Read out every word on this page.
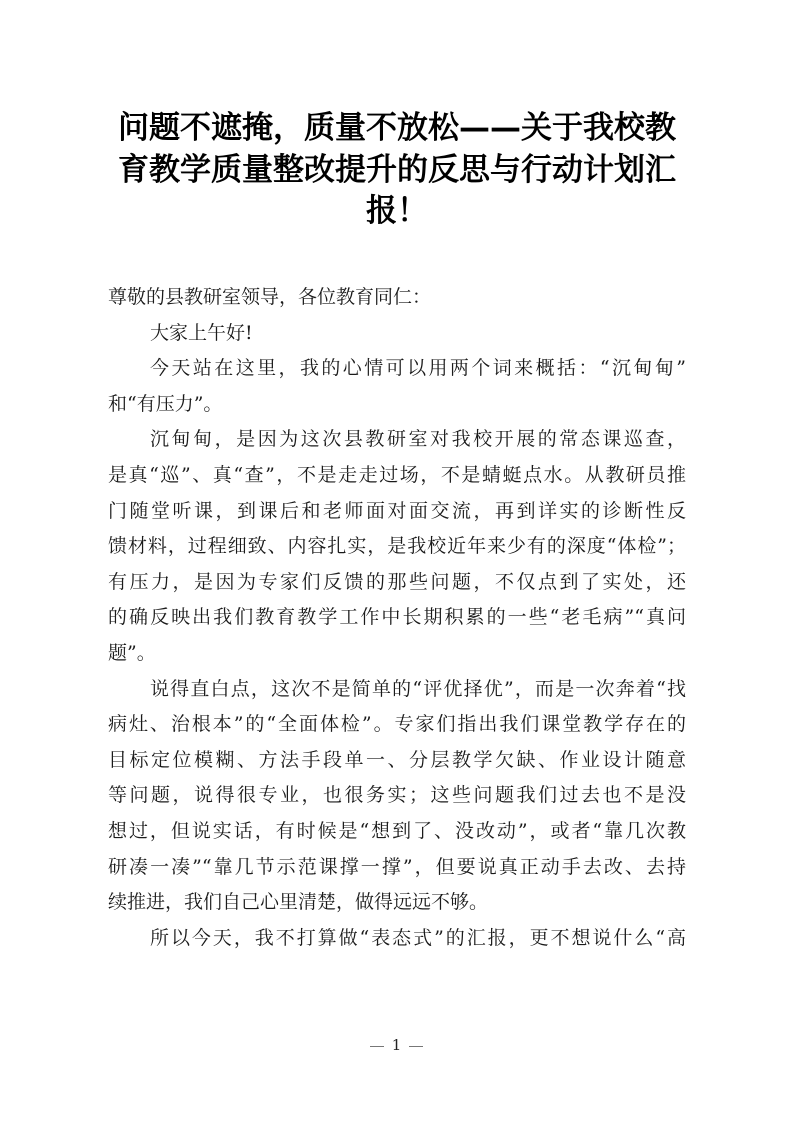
问题不遮掩，质量不放松——关于我校教
育教学质量整改提升的反思与行动计划汇
报！
尊敬的县教研室领导，各位教育同仁：
大家上午好!
今天站在这里，我的心情可以用两个词来概括：“沉甸甸”
和“有压力”。
沉甸甸，是因为这次县教研室对我校开展的常态课巡查，
是真“巡”、真“查”，不是走走过场，不是蜻蜓点水。从教研员推
门随堂听课，到课后和老师面对面交流，再到详实的诊断性反
馈材料，过程细致、内容扎实，是我校近年来少有的深度“体检”；
有压力，是因为专家们反馈的那些问题，不仅点到了实处，还
的确反映出我们教育教学工作中长期积累的一些“老毛病”“真问
题”。
说得直白点，这次不是简单的“评优择优”，而是一次奔着“找
病灶、治根本”的“全面体检”。专家们指出我们课堂教学存在的
目标定位模糊、方法手段单一、分层教学欠缺、作业设计随意
等问题，说得很专业，也很务实；这些问题我们过去也不是没
想过，但说实话，有时候是“想到了、没改动”，或者“靠几次教
研凑一凑”“靠几节示范课撑一撑”，但要说真正动手去改、去持
续推进，我们自己心里清楚，做得远远不够。
所以今天，我不打算做“表态式”的汇报，更不想说什么“高
1
